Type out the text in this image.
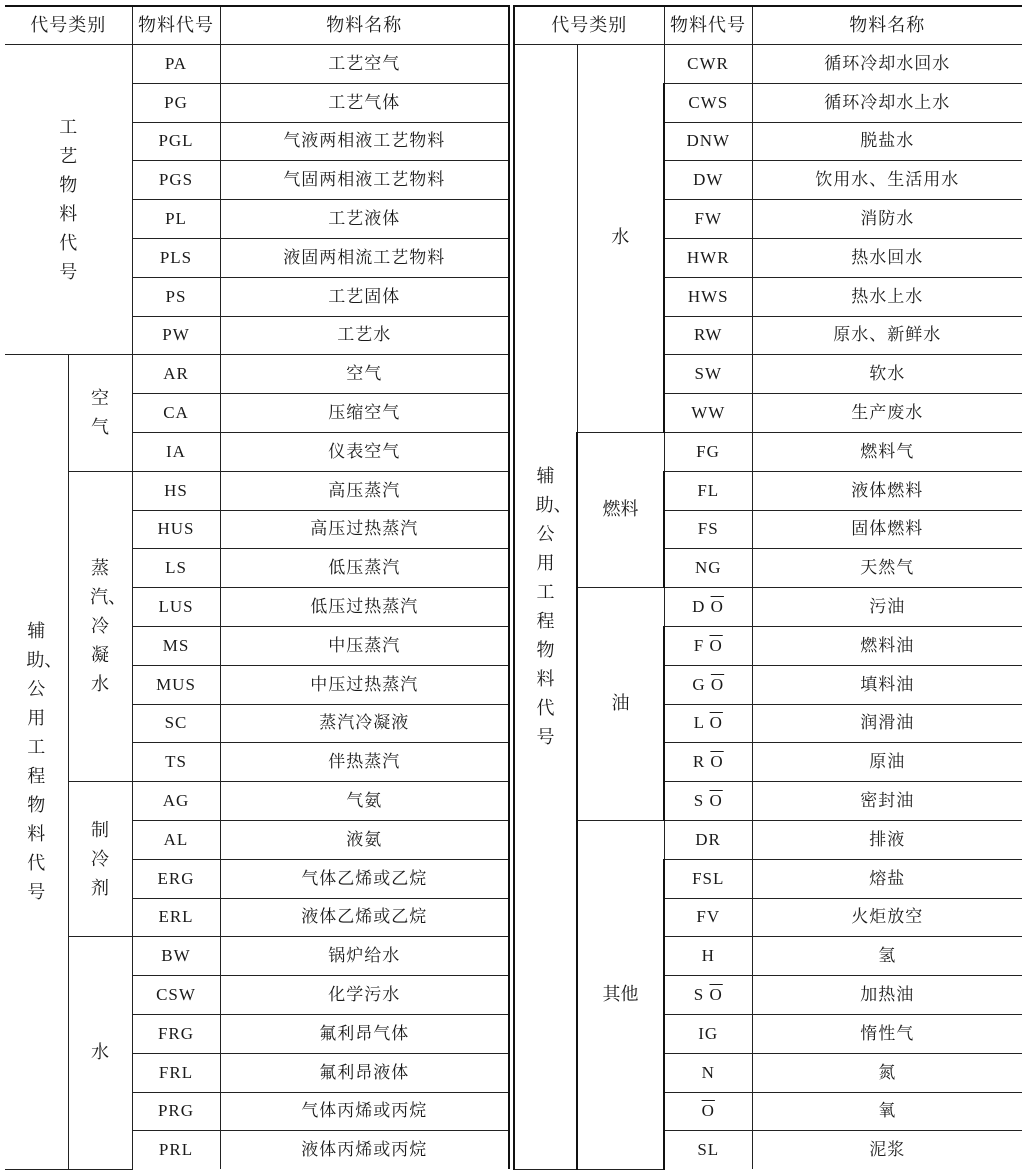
代号类别		物料代号	物料名称
工艺物料代号		PA	工艺空气
		PG	工艺气体
		PGL	气液两相液工艺物料
		PGS	气固两相液工艺物料
		PL	工艺液体
		PLS	液固两相流工艺物料
		PS	工艺固体
		PW	工艺水
辅助、公用工程物料代号	空气	AR	空气
		CA	压缩空气
		IA	仪表空气
	蒸汽、冷凝水	HS	高压蒸汽
		HUS	高压过热蒸汽
		LS	低压蒸汽
		LUS	低压过热蒸汽
		MS	中压蒸汽
		MUS	中压过热蒸汽
		SC	蒸汽冷凝液
		TS	伴热蒸汽
	制冷剂	AG	气氨
		AL	液氨
		ERG	气体乙烯或乙烷
		ERL	液体乙烯或乙烷
	水	BW	锅炉给水
		CSW	化学污水
		FRG	氟利昂气体
		FRL	氟利昂液体
		PRG	气体丙烯或丙烷
		PRL	液体丙烯或丙烷
代号类别		物料代号	物料名称
辅助、公用工程物料代号	水	CWR	循环冷却水回水
		CWS	循环冷却水上水
		DNW	脱盐水
		DW	饮用水、生活用水
		FW	消防水
		HWR	热水回水
		HWS	热水上水
		RW	原水、新鲜水
		SW	软水
		WW	生产废水
	燃料	FG	燃料气
		FL	液体燃料
		FS	固体燃料
		NG	天然气
	油	D $\overline{O}$	污油
		F $\overline{O}$	燃料油
		G $\overline{O}$	填料油
		L $\overline{O}$	润滑油
		R $\overline{O}$	原油
		S $\overline{O}$	密封油
	其他	DR	排液
		FSL	熔盐
		FV	火炬放空
		H	氢
		S $\overline{O}$	加热油
		IG	惰性气
		N	氮
		$\overline{O}$	氧
		SL	泥浆
